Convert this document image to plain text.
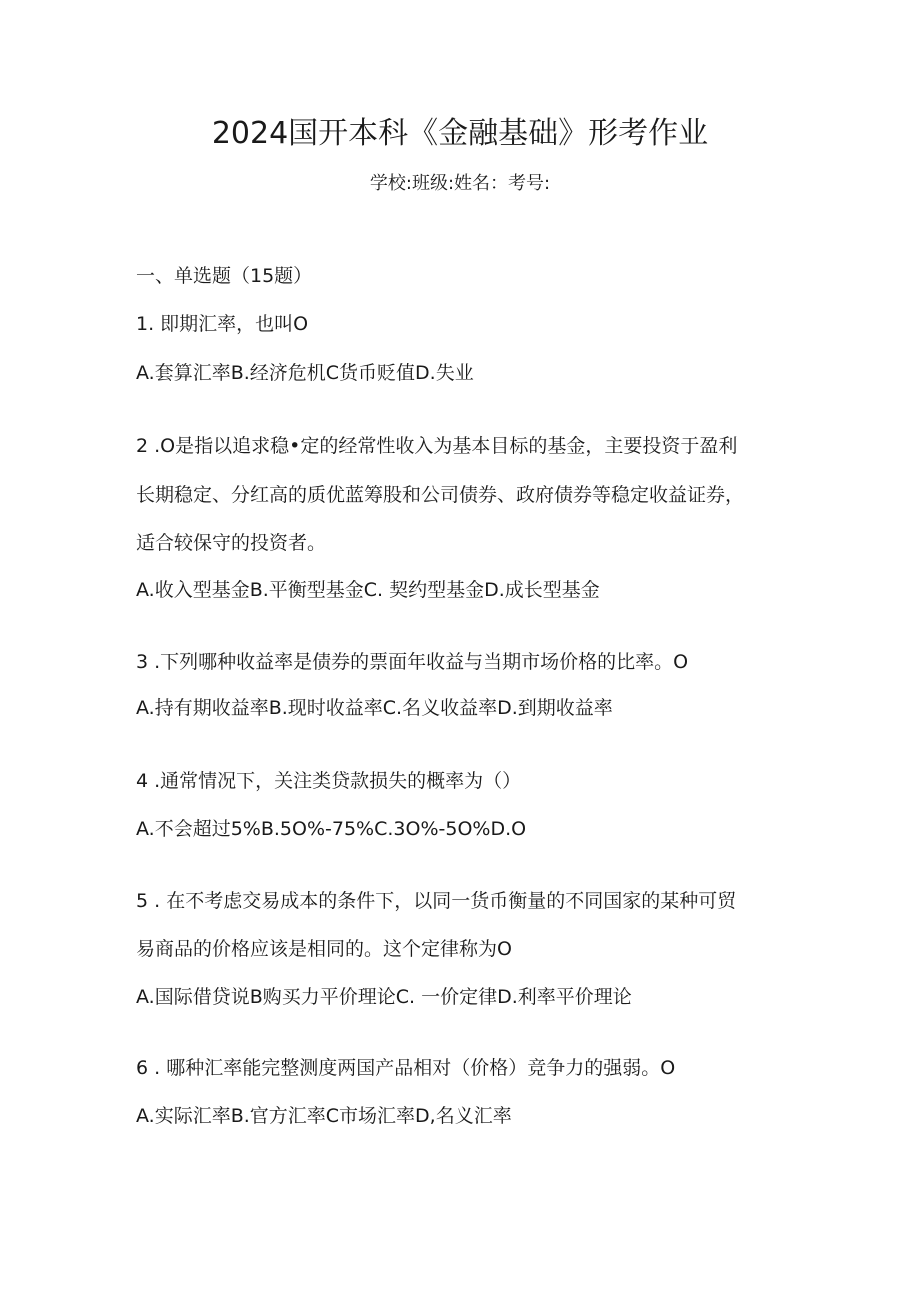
2024国开本科《金融基础》形考作业
学校:班级:姓名：考号:
一、单选题（15题）
1. 即期汇率，也叫O
A.套算汇率B.经济危机C货币贬值D.失业
2 .O是指以追求稳•定的经常性收入为基本目标的基金，主要投资于盈利
长期稳定、分红高的质优蓝筹股和公司债券、政府债券等稳定收益证券，
适合较保守的投资者。
A.收入型基金B.平衡型基金C. 契约型基金D.成长型基金
3 .下列哪种收益率是债券的票面年收益与当期市场价格的比率。O
A.持有期收益率B.现时收益率C.名义收益率D.到期收益率
4 .通常情况下，关注类贷款损失的概率为（）
A.不会超过5%B.5O%-75%C.3O%-5O%D.O
5 . 在不考虑交易成本的条件下，以同一货币衡量的不同国家的某种可贸
易商品的价格应该是相同的。这个定律称为O
A.国际借贷说B购买力平价理论C. 一价定律D.利率平价理论
6 . 哪种汇率能完整测度两国产品相对（价格）竞争力的强弱。O
A.实际汇率B.官方汇率C市场汇率D,名义汇率
